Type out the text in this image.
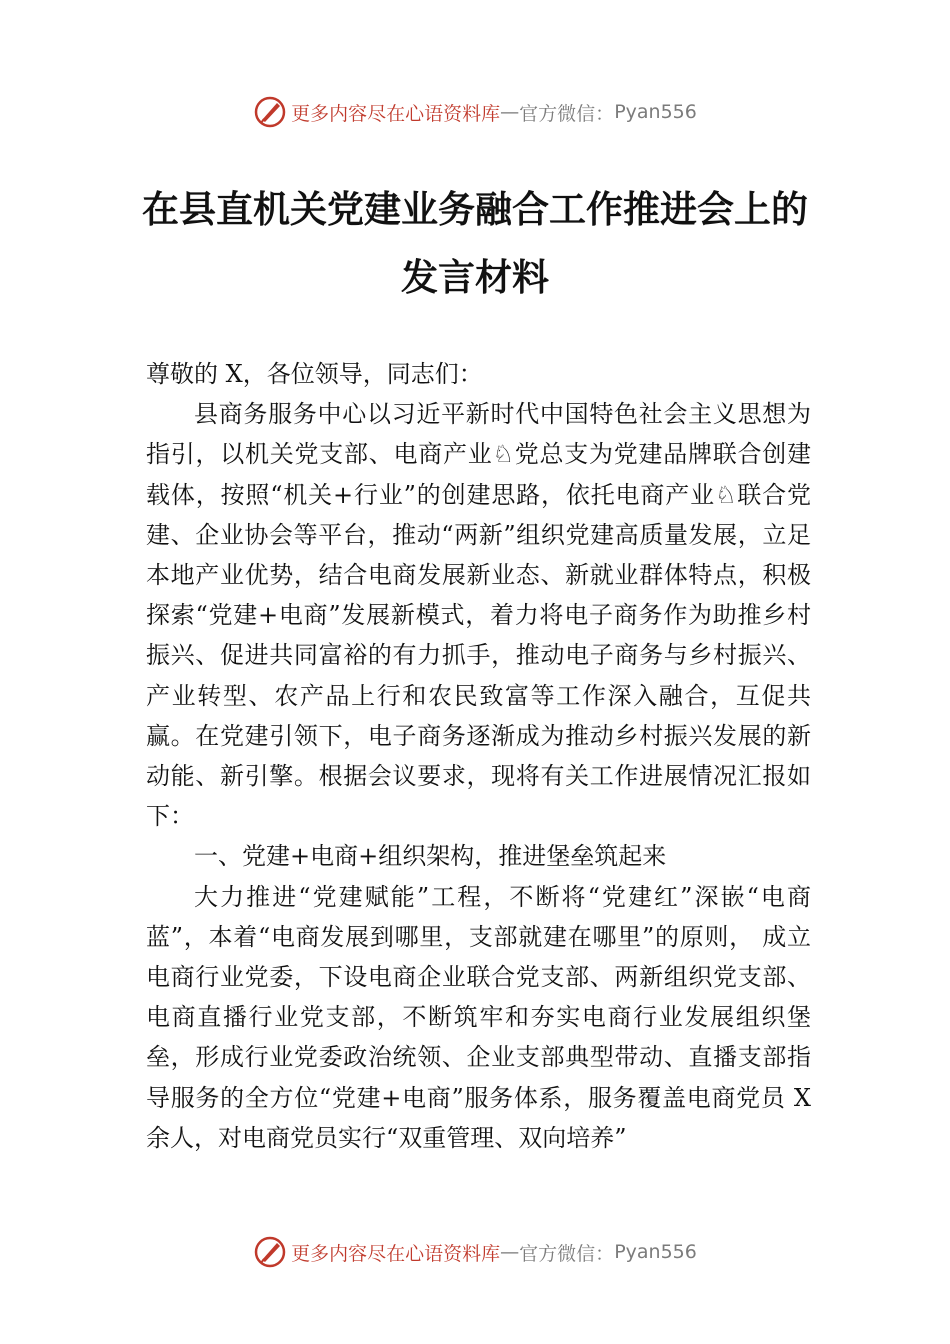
更多内容尽在心语资料库 — 官方微信： Pyan556
在县直机关党建业务融合工作推进会上的
发言材料

尊敬的 X，各位领导，同志们：

县商务服务中心以习近平新时代中国特色社会主义思想为指引，以机关党支部、电商产业♘党总支为党建品牌联合创建载体，按照“机关+行业”的创建思路，依托电商产业♘联合党建、企业协会等平台，推动“两新”组织党建高质量发展，立足本地产业优势，结合电商发展新业态、新就业群体特点，积极探索“党建+电商”发展新模式，着力将电子商务作为助推乡村振兴、促进共同富裕的有力抓手，推动电子商务与乡村振兴、产业转型、农产品上行和农民致富等工作深入融合，互促共赢。在党建引领下，电子商务逐渐成为推动乡村振兴发展的新动能、新引擎。根据会议要求，现将有关工作进展情况汇报如下：

一、党建+电商+组织架构，推进堡垒筑起来

大力推进“党建赋能”工程，不断将“党建红”深嵌“电商蓝”，本着“电商发展到哪里，支部就建在哪里”的原则， 成立电商行业党委，下设电商企业联合党支部、两新组织党支部、电商直播行业党支部，不断筑牢和夯实电商行业发展组织堡垒，形成行业党委政治统领、企业支部典型带动、直播支部指导服务的全方位“党建+电商”服务体系，服务覆盖电商党员 X 余人，对电商党员实行“双重管理、双向培养”

更多内容尽在心语资料库 — 官方微信： Pyan556
